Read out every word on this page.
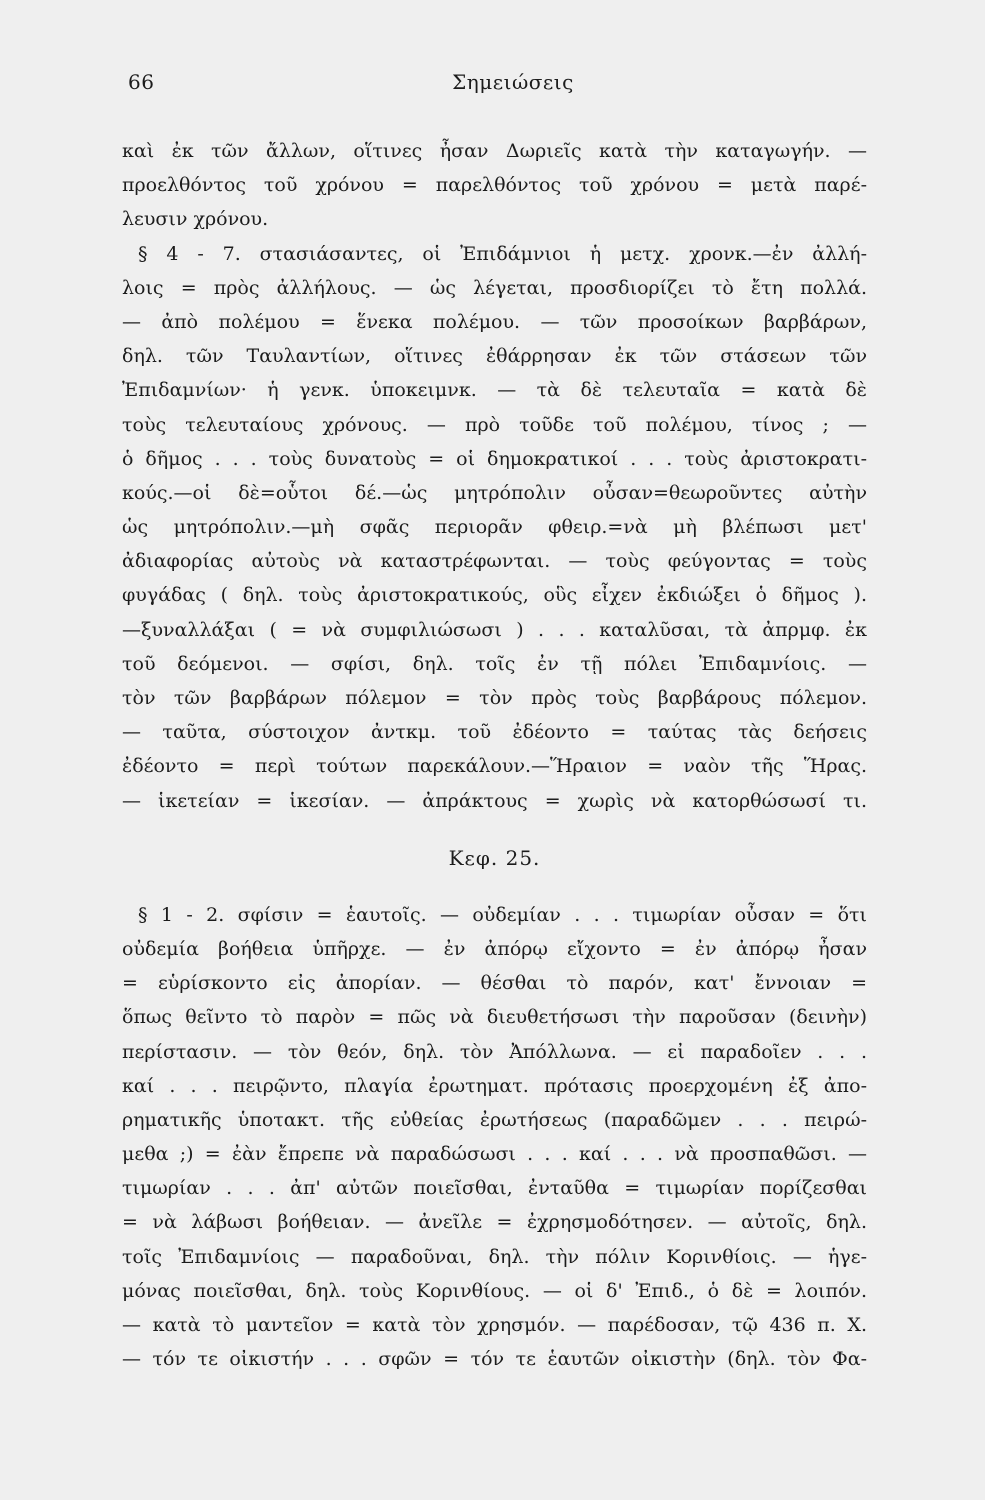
66	Σημειώσεις
καὶ ἐκ τῶν ἄλλων, οἵτινες ἦσαν Δωριεῖς κατὰ τὴν καταγωγήν. —
προελθόντος τοῦ χρόνου = παρελθόντος τοῦ χρόνου = μετὰ παρέ-
λευσιν χρόνου.
§ 4 - 7. στασιάσαντες, οἱ Ἐπιδάμνιοι ἡ μετχ. χρονκ.—ἐν ἀλλή-
λοις = πρὸς ἀλλήλους. — ὡς λέγεται, προσδιορίζει τὸ ἔτη πολλά.
— ἀπὸ πολέμου = ἕνεκα πολέμου. — τῶν προσοίκων βαρβάρων,
δηλ. τῶν Ταυλαντίων, οἵτινες ἐθάρρησαν ἐκ τῶν στάσεων τῶν
Ἐπιδαμνίων· ἡ γενκ. ὑποκειμνκ. — τὰ δὲ τελευταῖα = κατὰ δὲ
τοὺς τελευταίους χρόνους. — πρὸ τοῦδε τοῦ πολέμου, τίνος ; —
ὁ δῆμος . . . τοὺς δυνατοὺς = οἱ δημοκρατικοί . . . τοὺς ἀριστοκρατι-
κούς.—οἱ δὲ=οὗτοι δέ.—ὡς μητρόπολιν οὖσαν=θεωροῦντες αὐτὴν
ὡς μητρόπολιν.—μὴ σφᾶς περιορᾶν φθειρ.=νὰ μὴ βλέπωσι μετ'
ἀδιαφορίας αὐτοὺς νὰ καταστρέφωνται. — τοὺς φεύγοντας = τοὺς
φυγάδας ( δηλ. τοὺς ἀριστοκρατικούς, οὓς εἶχεν ἐκδιώξει ὁ δῆμος ).
—ξυναλλάξαι ( = νὰ συμφιλιώσωσι ) . . . καταλῦσαι, τὰ ἀπρμφ. ἐκ
τοῦ δεόμενοι. — σφίσι, δηλ. τοῖς ἐν τῇ πόλει Ἐπιδαμνίοις. —
τὸν τῶν βαρβάρων πόλεμον = τὸν πρὸς τοὺς βαρβάρους πόλεμον.
— ταῦτα, σύστοιχον ἀντκμ. τοῦ ἐδέοντο = ταύτας τὰς δεήσεις
ἐδέοντο = περὶ τούτων παρεκάλουν.—Ἥραιον = ναὸν τῆς Ἥρας.
— ἱκετείαν = ἱκεσίαν. — ἀπράκτους = χωρὶς νὰ κατορθώσωσί τι.
Κεφ. 25.
§ 1 - 2. σφίσιν = ἑαυτοῖς. — οὐδεμίαν . . . τιμωρίαν οὖσαν = ὅτι
οὐδεμία βοήθεια ὑπῆρχε. — ἐν ἀπόρῳ εἴχοντο = ἐν ἀπόρῳ ἦσαν
= εὑρίσκοντο εἰς ἀπορίαν. — θέσθαι τὸ παρόν, κατ' ἔννοιαν =
ὅπως θεῖντο τὸ παρὸν = πῶς νὰ διευθετήσωσι τὴν παροῦσαν (δεινὴν)
περίστασιν. — τὸν θεόν, δηλ. τὸν Ἀπόλλωνα. — εἰ παραδοῖεν . . .
καί . . . πειρῷντο, πλαγία ἐρωτηματ. πρότασις προερχομένη ἐξ ἀπο-
ρηματικῆς ὑποτακτ. τῆς εὐθείας ἐρωτήσεως (παραδῶμεν . . . πειρώ-
μεθα ;) = ἐὰν ἔπρεπε νὰ παραδώσωσι . . . καί . . . νὰ προσπαθῶσι. —
τιμωρίαν . . . ἀπ' αὐτῶν ποιεῖσθαι, ἐνταῦθα = τιμωρίαν πορίζεσθαι
= νὰ λάβωσι βοήθειαν. — ἀνεῖλε = ἐχρησμοδότησεν. — αὐτοῖς, δηλ.
τοῖς Ἐπιδαμνίοις — παραδοῦναι, δηλ. τὴν πόλιν Κορινθίοις. — ἡγε-
μόνας ποιεῖσθαι, δηλ. τοὺς Κορινθίους. — οἱ δ' Ἐπιδ., ὁ δὲ = λοιπόν.
— κατὰ τὸ μαντεῖον = κατὰ τὸν χρησμόν. — παρέδοσαν, τῷ 436 π. Χ.
— τόν τε οἰκιστήν . . . σφῶν = τόν τε ἑαυτῶν οἰκιστὴν (δηλ. τὸν Φα-
